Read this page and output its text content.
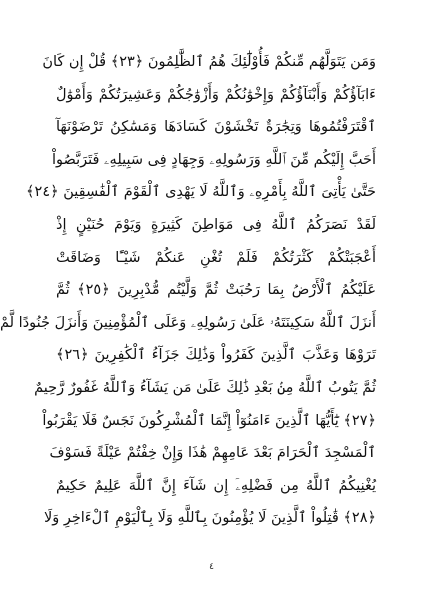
وَمَن يَتَوَلَّهُم مِّنكُمْ فَأُوْلَٰٓئِكَ هُمُ ٱلظَّٰلِمُونَ ﴿٢٣﴾ قُلْ إِن كَانَ
ءَابَآؤُكُمْ وَأَبْنَآؤُكُمْ وَإِخْوَٰنُكُمْ وَأَزْوَٰجُكُمْ وَعَشِيرَتُكُمْ وَأَمْوَٰلٌ
ٱقْتَرَفْتُمُوهَا وَتِجَٰرَةٌ تَخْشَوْنَ كَسَادَهَا وَمَسَٰكِنُ تَرْضَوْنَهَآ
أَحَبَّ إِلَيْكُم مِّنَ ٱللَّهِ وَرَسُولِهِۦ وَجِهَادٍ فِى سَبِيلِهِۦ فَتَرَبَّصُواْ
حَتَّىٰ يَأْتِىَ ٱللَّهُ بِأَمْرِهِۦ وَٱللَّهُ لَا يَهْدِى ٱلْقَوْمَ ٱلْفَٰسِقِينَ ﴿٢٤﴾
لَقَدْ نَصَرَكُمُ ٱللَّهُ فِى مَوَاطِنَ كَثِيرَةٍ وَيَوْمَ حُنَيْنٍ إِذْ
أَعْجَبَتْكُمْ كَثْرَتُكُمْ فَلَمْ تُغْنِ عَنكُمْ شَيْـًٔا وَضَاقَتْ
عَلَيْكُمُ ٱلْأَرْضُ بِمَا رَحُبَتْ ثُمَّ وَلَّيْتُم مُّدْبِرِينَ ﴿٢٥﴾ ثُمَّ
أَنزَلَ ٱللَّهُ سَكِينَتَهُۥ عَلَىٰ رَسُولِهِۦ وَعَلَى ٱلْمُؤْمِنِينَ وَأَنزَلَ جُنُودًا لَّمْ
تَرَوْهَا وَعَذَّبَ ٱلَّذِينَ كَفَرُواْ وَذَٰلِكَ جَزَآءُ ٱلْكَٰفِرِينَ ﴿٢٦﴾
ثُمَّ يَتُوبُ ٱللَّهُ مِنۢ بَعْدِ ذَٰلِكَ عَلَىٰ مَن يَشَآءُ وَٱللَّهُ غَفُورٌ رَّحِيمٌ
﴿٢٧﴾ يَٰٓأَيُّهَا ٱلَّذِينَ ءَامَنُوٓاْ إِنَّمَا ٱلْمُشْرِكُونَ نَجَسٌ فَلَا يَقْرَبُواْ
ٱلْمَسْجِدَ ٱلْحَرَامَ بَعْدَ عَامِهِمْ هَٰذَا وَإِنْ خِفْتُمْ عَيْلَةً فَسَوْفَ
يُغْنِيكُمُ ٱللَّهُ مِن فَضْلِهِۦٓ إِن شَآءَ إِنَّ ٱللَّهَ عَلِيمٌ حَكِيمٌ
﴿٢٨﴾ قَٰتِلُواْ ٱلَّذِينَ لَا يُؤْمِنُونَ بِٱللَّهِ وَلَا بِٱلْيَوْمِ ٱلْءَاخِرِ وَلَا
٤
